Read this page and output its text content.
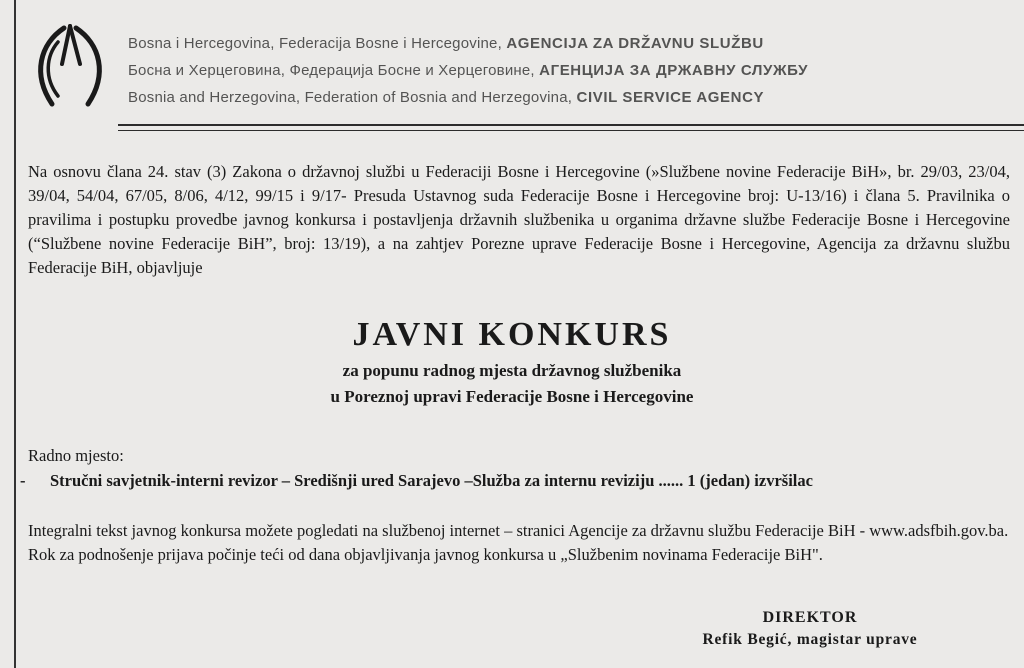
Bosna i Hercegovina, Federacija Bosne i Hercegovine, AGENCIJA ZA DRŽAVNU SLUŽBU
Босна и Херцеговина, Федерација Босне и Херцеговине, АГЕНЦИЈА ЗА ДРЖАВНУ СЛУЖБУ
Bosnia and Herzegovina, Federation of Bosnia and Herzegovina, CIVIL SERVICE AGENCY

Na osnovu člana 24. stav (3) Zakona o državnoj službi u Federaciji Bosne i Hercegovine (»Službene novine Federacije BiH», br. 29/03, 23/04, 39/04, 54/04, 67/05, 8/06, 4/12, 99/15 i 9/17- Presuda Ustavnog suda Federacije Bosne i Hercegovine broj: U-13/16) i člana 5. Pravilnika o pravilima i postupku provedbe javnog konkursa i postavljenja državnih službenika u organima državne službe Federacije Bosne i Hercegovine (“Službene novine Federacije BiH”, broj: 13/19), a na zahtjev Porezne uprave Federacije Bosne i Hercegovine, Agencija za državnu službu Federacije BiH, objavljuje

JAVNI KONKURS

za popunu radnog mjesta državnog službenika

u Poreznoj upravi Federacije Bosne i Hercegovine

Radno mjesto:

- Stručni savjetnik-interni revizor – Središnji ured Sarajevo –Služba za internu reviziju ...... 1 (jedan) izvršilac

Integralni tekst javnog konkursa možete pogledati na službenoj internet – stranici Agencije za državnu službu Federacije BiH - www.adsfbih.gov.ba.
Rok za podnošenje prijava počinje teći od dana objavljivanja javnog konkursa u „Službenim novinama Federacije BiH".
DIREKTOR
Refik Begić, magistar uprave
